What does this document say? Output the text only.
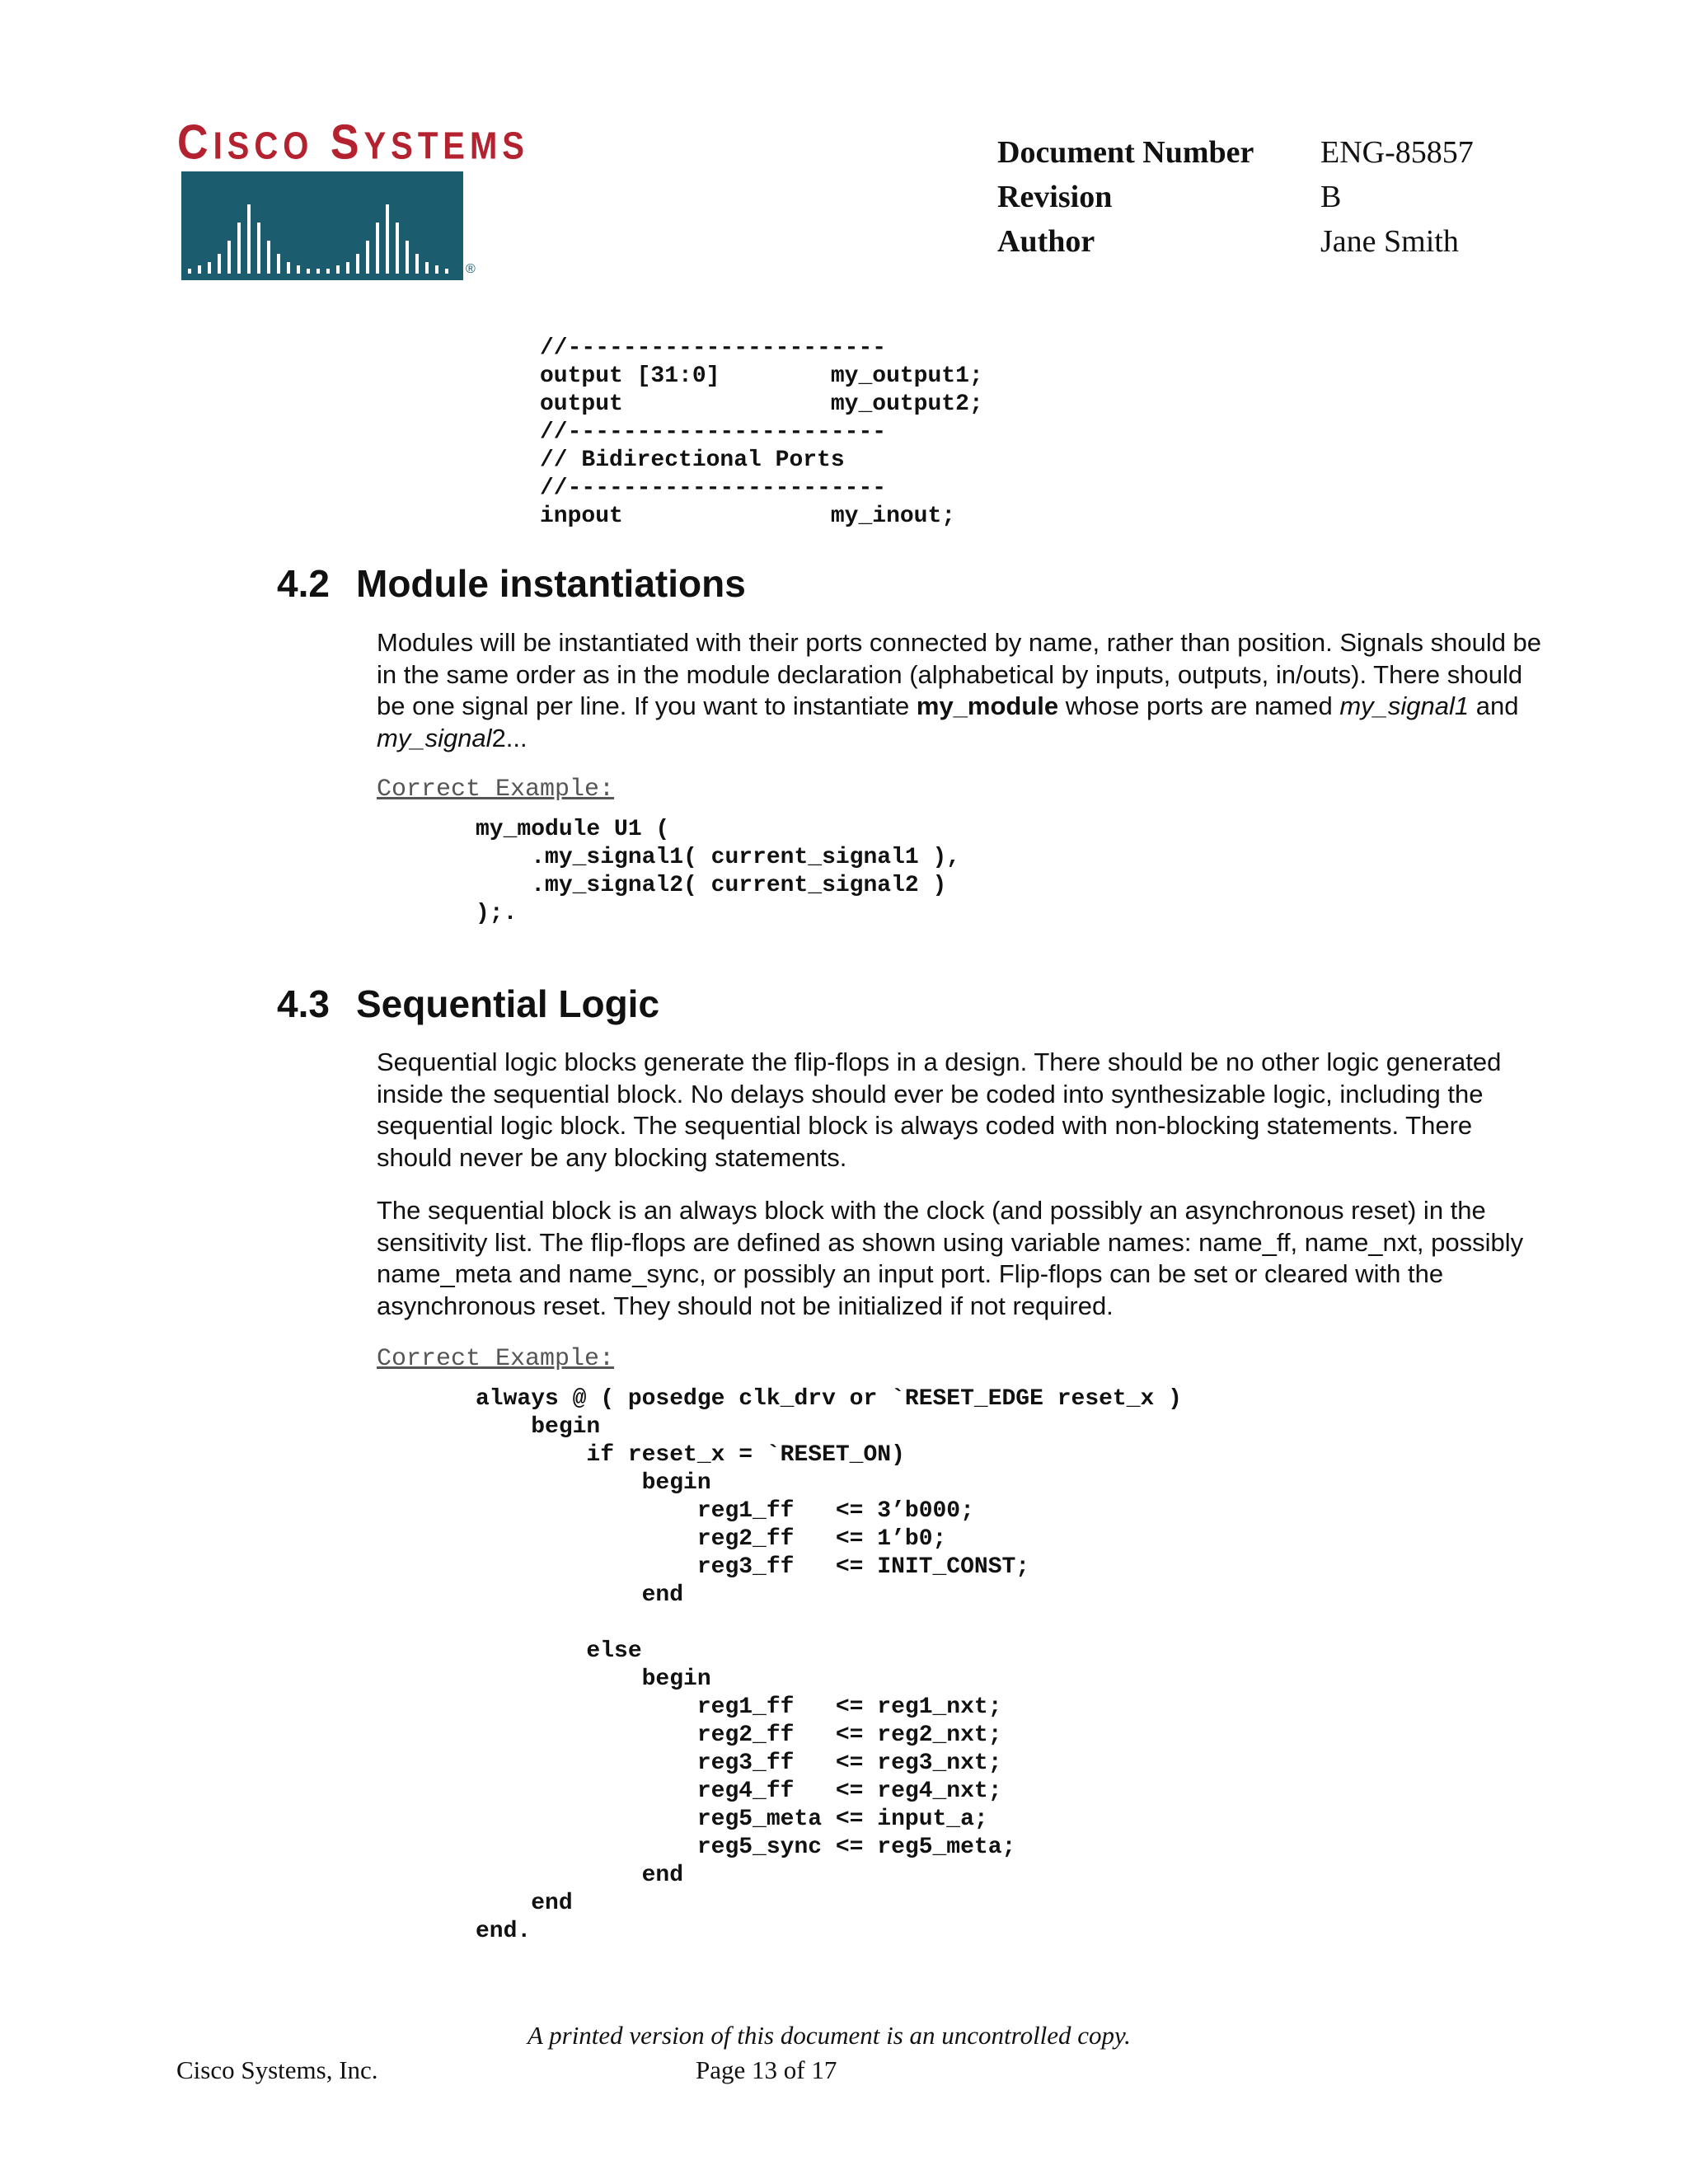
CISCO SYSTEMS
®
Document Number	ENG-85857
Revision	B
Author	Jane Smith
//-----------------------
output [31:0]        my_output1;
output               my_output2;
//-----------------------
// Bidirectional Ports
//-----------------------
inpout               my_inout;
4.2 Module instantiations

Modules will be instantiated with their ports connected by name, rather than position. Signals should be in the same order as in the module declaration (alphabetical by inputs, outputs, in/outs). There should be one signal per line. If you want to instantiate my_module whose ports are named my_signal1 and my_signal2...

Correct Example:
my_module U1 (
.my_signal1( current_signal1 ),
.my_signal2( current_signal2 )
);.
4.3 Sequential Logic

Sequential logic blocks generate the flip-flops in a design. There should be no other logic generated inside the sequential block. No delays should ever be coded into synthesizable logic, including the sequential logic block. The sequential block is always coded with non-blocking statements. There should never be any blocking statements.

The sequential block is an always block with the clock (and possibly an asynchronous reset) in the sensitivity list. The flip-flops are defined as shown using variable names: name_ff, name_nxt, possibly name_meta and name_sync, or possibly an input port. Flip-flops can be set or cleared with the asynchronous reset. They should not be initialized if not required.

Correct Example:
always @ ( posedge clk_drv or `RESET_EDGE reset_x )
begin
if reset_x = `RESET_ON)
begin
reg1_ff   <= 3’b000;
reg2_ff   <= 1’b0;
reg3_ff   <= INIT_CONST;
end
else
begin
reg1_ff   <= reg1_nxt;
reg2_ff   <= reg2_nxt;
reg3_ff   <= reg3_nxt;
reg4_ff   <= reg4_nxt;
reg5_meta <= input_a;
reg5_sync <= reg5_meta;
end
end
end.
A printed version of this document is an uncontrolled copy.
Cisco Systems, Inc.	Page 13 of 17
